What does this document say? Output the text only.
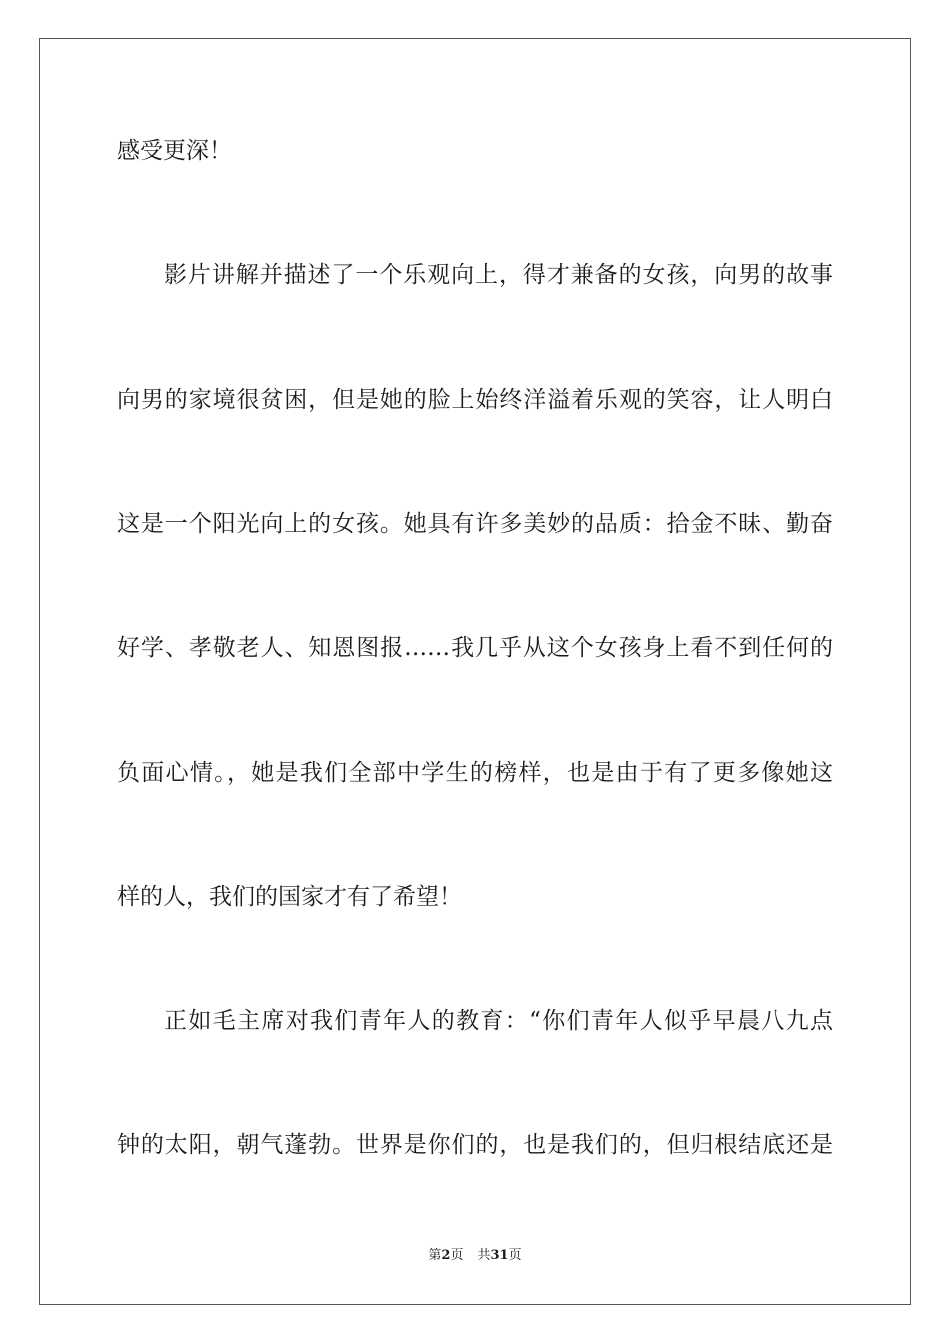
感受更深！
影片讲解并描述了一个乐观向上，得才兼备的女孩，向男的故事
向男的家境很贫困，但是她的脸上始终洋溢着乐观的笑容，让人明白
这是一个阳光向上的女孩。她具有许多美妙的品质：拾金不昧、勤奋
好学、孝敬老人、知恩图报……我几乎从这个女孩身上看不到任何的
负面心情。，她是我们全部中学生的榜样，也是由于有了更多像她这
样的人，我们的国家才有了希望！
正如毛主席对我们青年人的教育：“你们青年人似乎早晨八九点
钟的太阳，朝气蓬勃。世界是你们的，也是我们的，但归根结底还是
第2页 共31页
